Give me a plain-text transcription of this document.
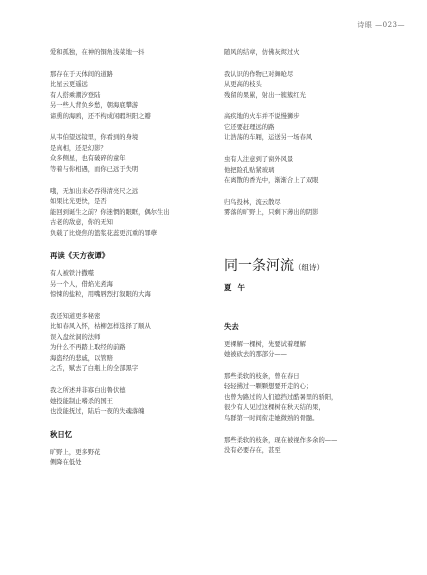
诗眼 —023—
爱和孤独，在神的铜角浅菜地一抖
那存在于天体间的道路
比星云更遥远
有人搭乘潮汐登陆
另一些人背负乡愁，朝海底攀游
谛熏的海鸥，还不构成闲暇坦阳之瓣
从韦伯望远镜里，你看到的身境
是真相，还是幻影？
众多侧星，也有破碎的童年
等着与你相遇，而你已远于失明
哦，无加出来必吞得清亮尺之远
如果比光更快，是否
能回到诞生之前？你迷惘的眼眶，偶尔生出
古老的敌意，你的无知
负载了比烧焦的篮浆花蕊更沉重的罪孽
再读《天方夜谭》
有人被铁汁撒噬
另一个人，借焰光煮海
惊悚的盐粒，用嘴唇烈打叙眼的大海
我还知道更多秘密
比如春风入怀，枯柳怎样选择了顺从
误入盘丝洞的法师
为什么不再踏上取经的前路
海盗经的悲戚，以管赔
之舌，赋去了白瓶上的全部黑字
我之所述并非寡白出鲁伏德
她投能制止嗜杀的国王
也没能抚过，陆后一夜的失魂落魄
秋日忆
旷野上，更多野花
侧降在低处
随风的结章，仿佛灰烬过火
我认识的作物已对舞呛尽
从更高的枝头
残留的果累，射出一簇簇红光
高疾地的火车并不说慢狮步
它还要赶理远的路
让浩荡的车厢，运送另一场春风
虫有人注意到了窗外风景
他把险孔贴紧玻璃
在离散的香光中，渐渐合上了双眼
归鸟投林，流云散尽
雾落的旷野上，只剩下薄出的阴影
同一条河流（组诗）
夏午
失去
更裸解一棵树，先要试着理解
她被砍去的那部分——
那些柔软的枝条，曾在春日
轻轻拂过一颗颗想要开走的心；
也曾为路过的人们遮挡过酷暑里的骄阳，
很少有人见过这棵树在秋天结的果，
鸟群第一时间衔走她微熟的骨髓。
那些柔软的枝条，现在被视作多余的——
没有必要存在，甚至
